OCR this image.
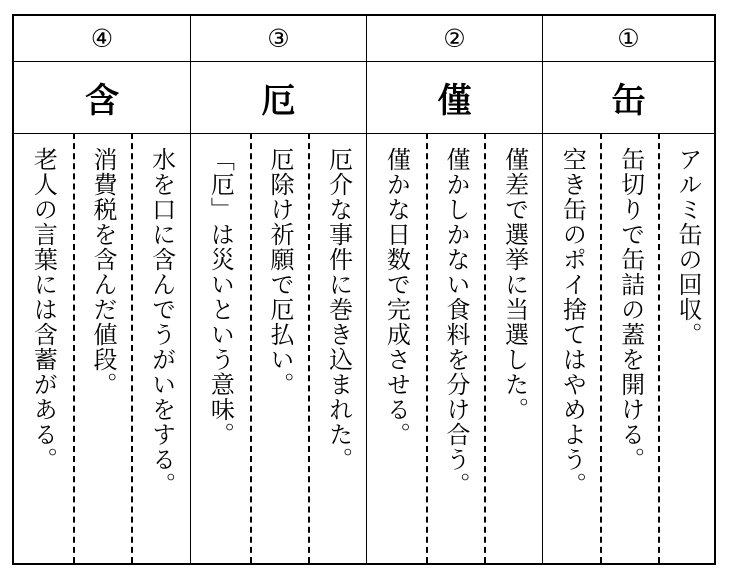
④
含
老人の言葉には含蓄がある。 消費税を含んだ値段。 水を口に含んでうがいをする。
③
厄
「厄」は災いという意味。 厄除け祈願で厄払い。 厄介な事件に巻き込まれた。
②
僅
僅かな日数で完成させる。 僅かしかない食料を分け合う。 僅差で選挙に当選した。
①
缶
空き缶のポイ捨てはやめよう。 缶切りで缶詰の蓋を開ける。 アルミ缶の回収。
